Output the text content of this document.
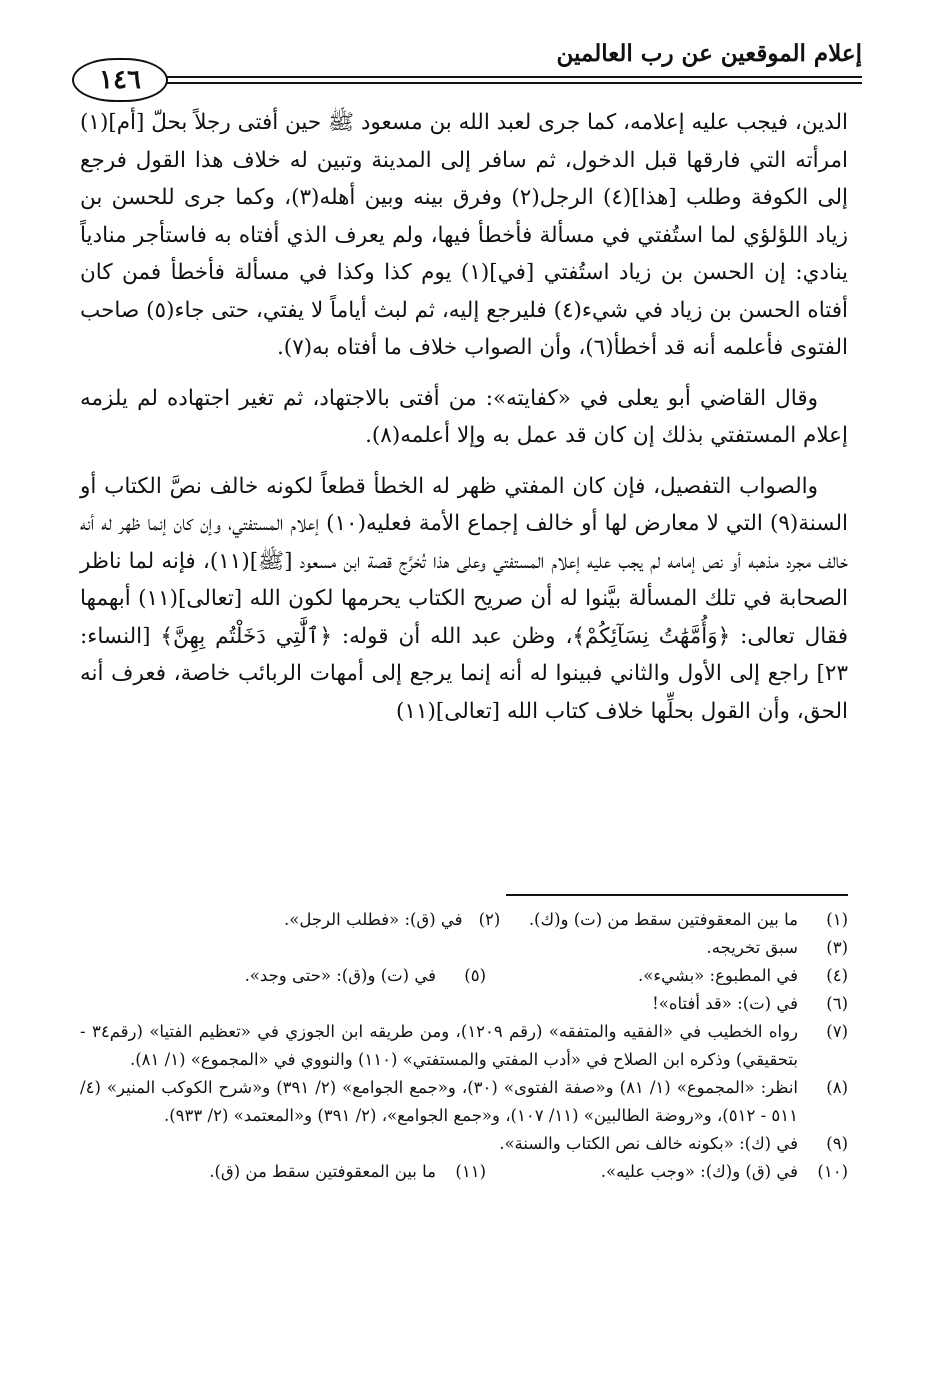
إعلام الموقعين عن رب العالمين
١٤٦

الدين، فيجب عليه إعلامه، كما جرى لعبد الله بن مسعود ﷺ حين أفتى رجلاً بحلّ [أم](١) امرأته التي فارقها قبل الدخول، ثم سافر إلى المدينة وتبين له خلاف هذا القول فرجع إلى الكوفة وطلب [هذا](٤) الرجل(٢) وفرق بينه وبين أهله(٣)، وكما جرى للحسن بن زياد اللؤلؤي لما استُفتي في مسألة فأخطأ فيها، ولم يعرف الذي أفتاه به فاستأجر منادياً ينادي: إن الحسن بن زياد استُفتي [في](١) يوم كذا وكذا في مسألة فأخطأ فمن كان أفتاه الحسن بن زياد في شيء(٤) فليرجع إليه، ثم لبث أياماً لا يفتي، حتى جاء(٥) صاحب الفتوى فأعلمه أنه قد أخطأ(٦)، وأن الصواب خلاف ما أفتاه به(٧).

وقال القاضي أبو يعلى في «كفايته»: من أفتى بالاجتهاد، ثم تغير اجتهاده لم يلزمه إعلام المستفتي بذلك إن كان قد عمل به وإلا أعلمه(٨).

والصواب التفصيل، فإن كان المفتي ظهر له الخطأ قطعاً لكونه خالف نصَّ الكتاب أو السنة(٩) التي لا معارض لها أو خالف إجماع الأمة فعليه(١٠) إعلام المستفتي، وإن كان إنما ظهر له أنه خالف مجرد مذهبه أو نص إمامه لم يجب عليه إعلام المستفتي وعلى هذا تُخرَّج قصة ابن مسعود [ﷺ](١١)، فإنه لما ناظر الصحابة في تلك المسألة بيَّنوا له أن صريح الكتاب يحرمها لكون الله [تعالى](١١) أبهمها فقال تعالى: ﴿وَأُمَّهَٰتُ نِسَآئِكُمْ﴾، وظن عبد الله أن قوله: ﴿ٱلَّٰتِي دَخَلْتُم بِهِنَّ﴾ [النساء: ٢٣] راجع إلى الأول والثاني فبينوا له أنه إنما يرجع إلى أمهات الربائب خاصة، فعرف أنه الحق، وأن القول بحلِّها خلاف كتاب الله [تعالى](١١)

(١)ما بين المعقوفتين سقط من (ت) و(ك).  (٢)في (ق): «فطلب الرجل».
(٣)
سبق تخريجه.
(٤)
في المطبوع: «بشيء».
(٥)
في (ت) و(ق): «حتى وجد».
(٦)
في (ت): «قد أفتاه»!
(٧)
رواه الخطيب في «الفقيه والمتفقه» (رقم ١٢٠٩)، ومن طريقه ابن الجوزي في «تعظيم الفتيا» (رقم٣٤ - بتحقيقي) وذكره ابن الصلاح في «أدب المفتي والمستفتي» (١١٠) والنووي في «المجموع» (١/ ٨١).
(٨)
انظر: «المجموع» (١/ ٨١) و«صفة الفتوى» (٣٠)، و«جمع الجوامع» (٢/ ٣٩١) و«شرح الكوكب المنير» (٤/ ٥١١ - ٥١٢)، و«روضة الطالبين» (١١/ ١٠٧)، و«جمع الجوامع»، (٢/ ٣٩١) و«المعتمد» (٢/ ٩٣٣).
(٩)
في (ك): «بكونه خالف نص الكتاب والسنة».
(١٠)
في (ق) و(ك): «وجب عليه».
(١١)
ما بين المعقوفتين سقط من (ق).
